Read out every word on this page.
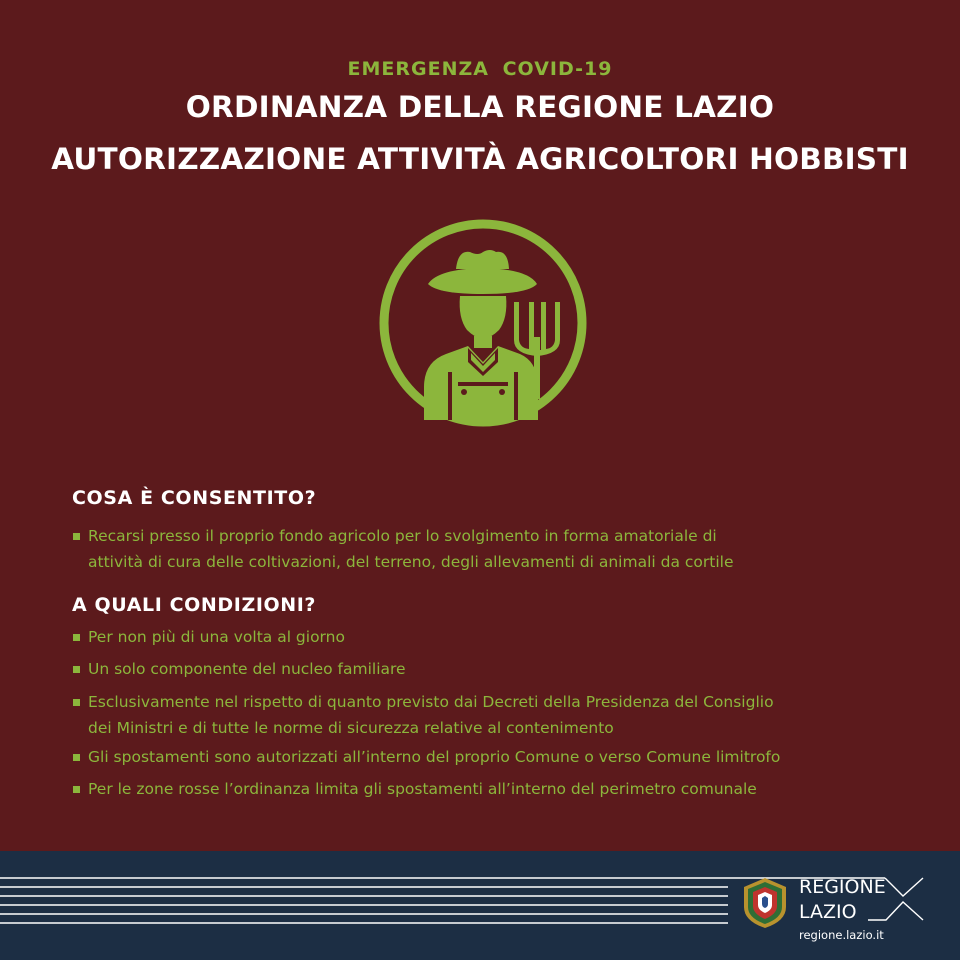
EMERGENZA COVID-19
ORDINANZA DELLA REGIONE LAZIO
AUTORIZZAZIONE ATTIVITÀ AGRICOLTORI HOBBISTI
COSA È CONSENTITO?
Recarsi presso il proprio fondo agricolo per lo svolgimento in forma amatoriale di
attività di cura delle coltivazioni, del terreno, degli allevamenti di animali da cortile
A QUALI CONDIZIONI?
Per non più di una volta al giorno
Un solo componente del nucleo familiare
Esclusivamente nel rispetto di quanto previsto dai Decreti della Presidenza del Consiglio
dei Ministri e di tutte le norme di sicurezza relative al contenimento
Gli spostamenti sono autorizzati all’interno del proprio Comune o verso Comune limitrofo
Per le zone rosse l’ordinanza limita gli spostamenti all’interno del perimetro comunale
REGIONE
LAZIO
regione.lazio.it
